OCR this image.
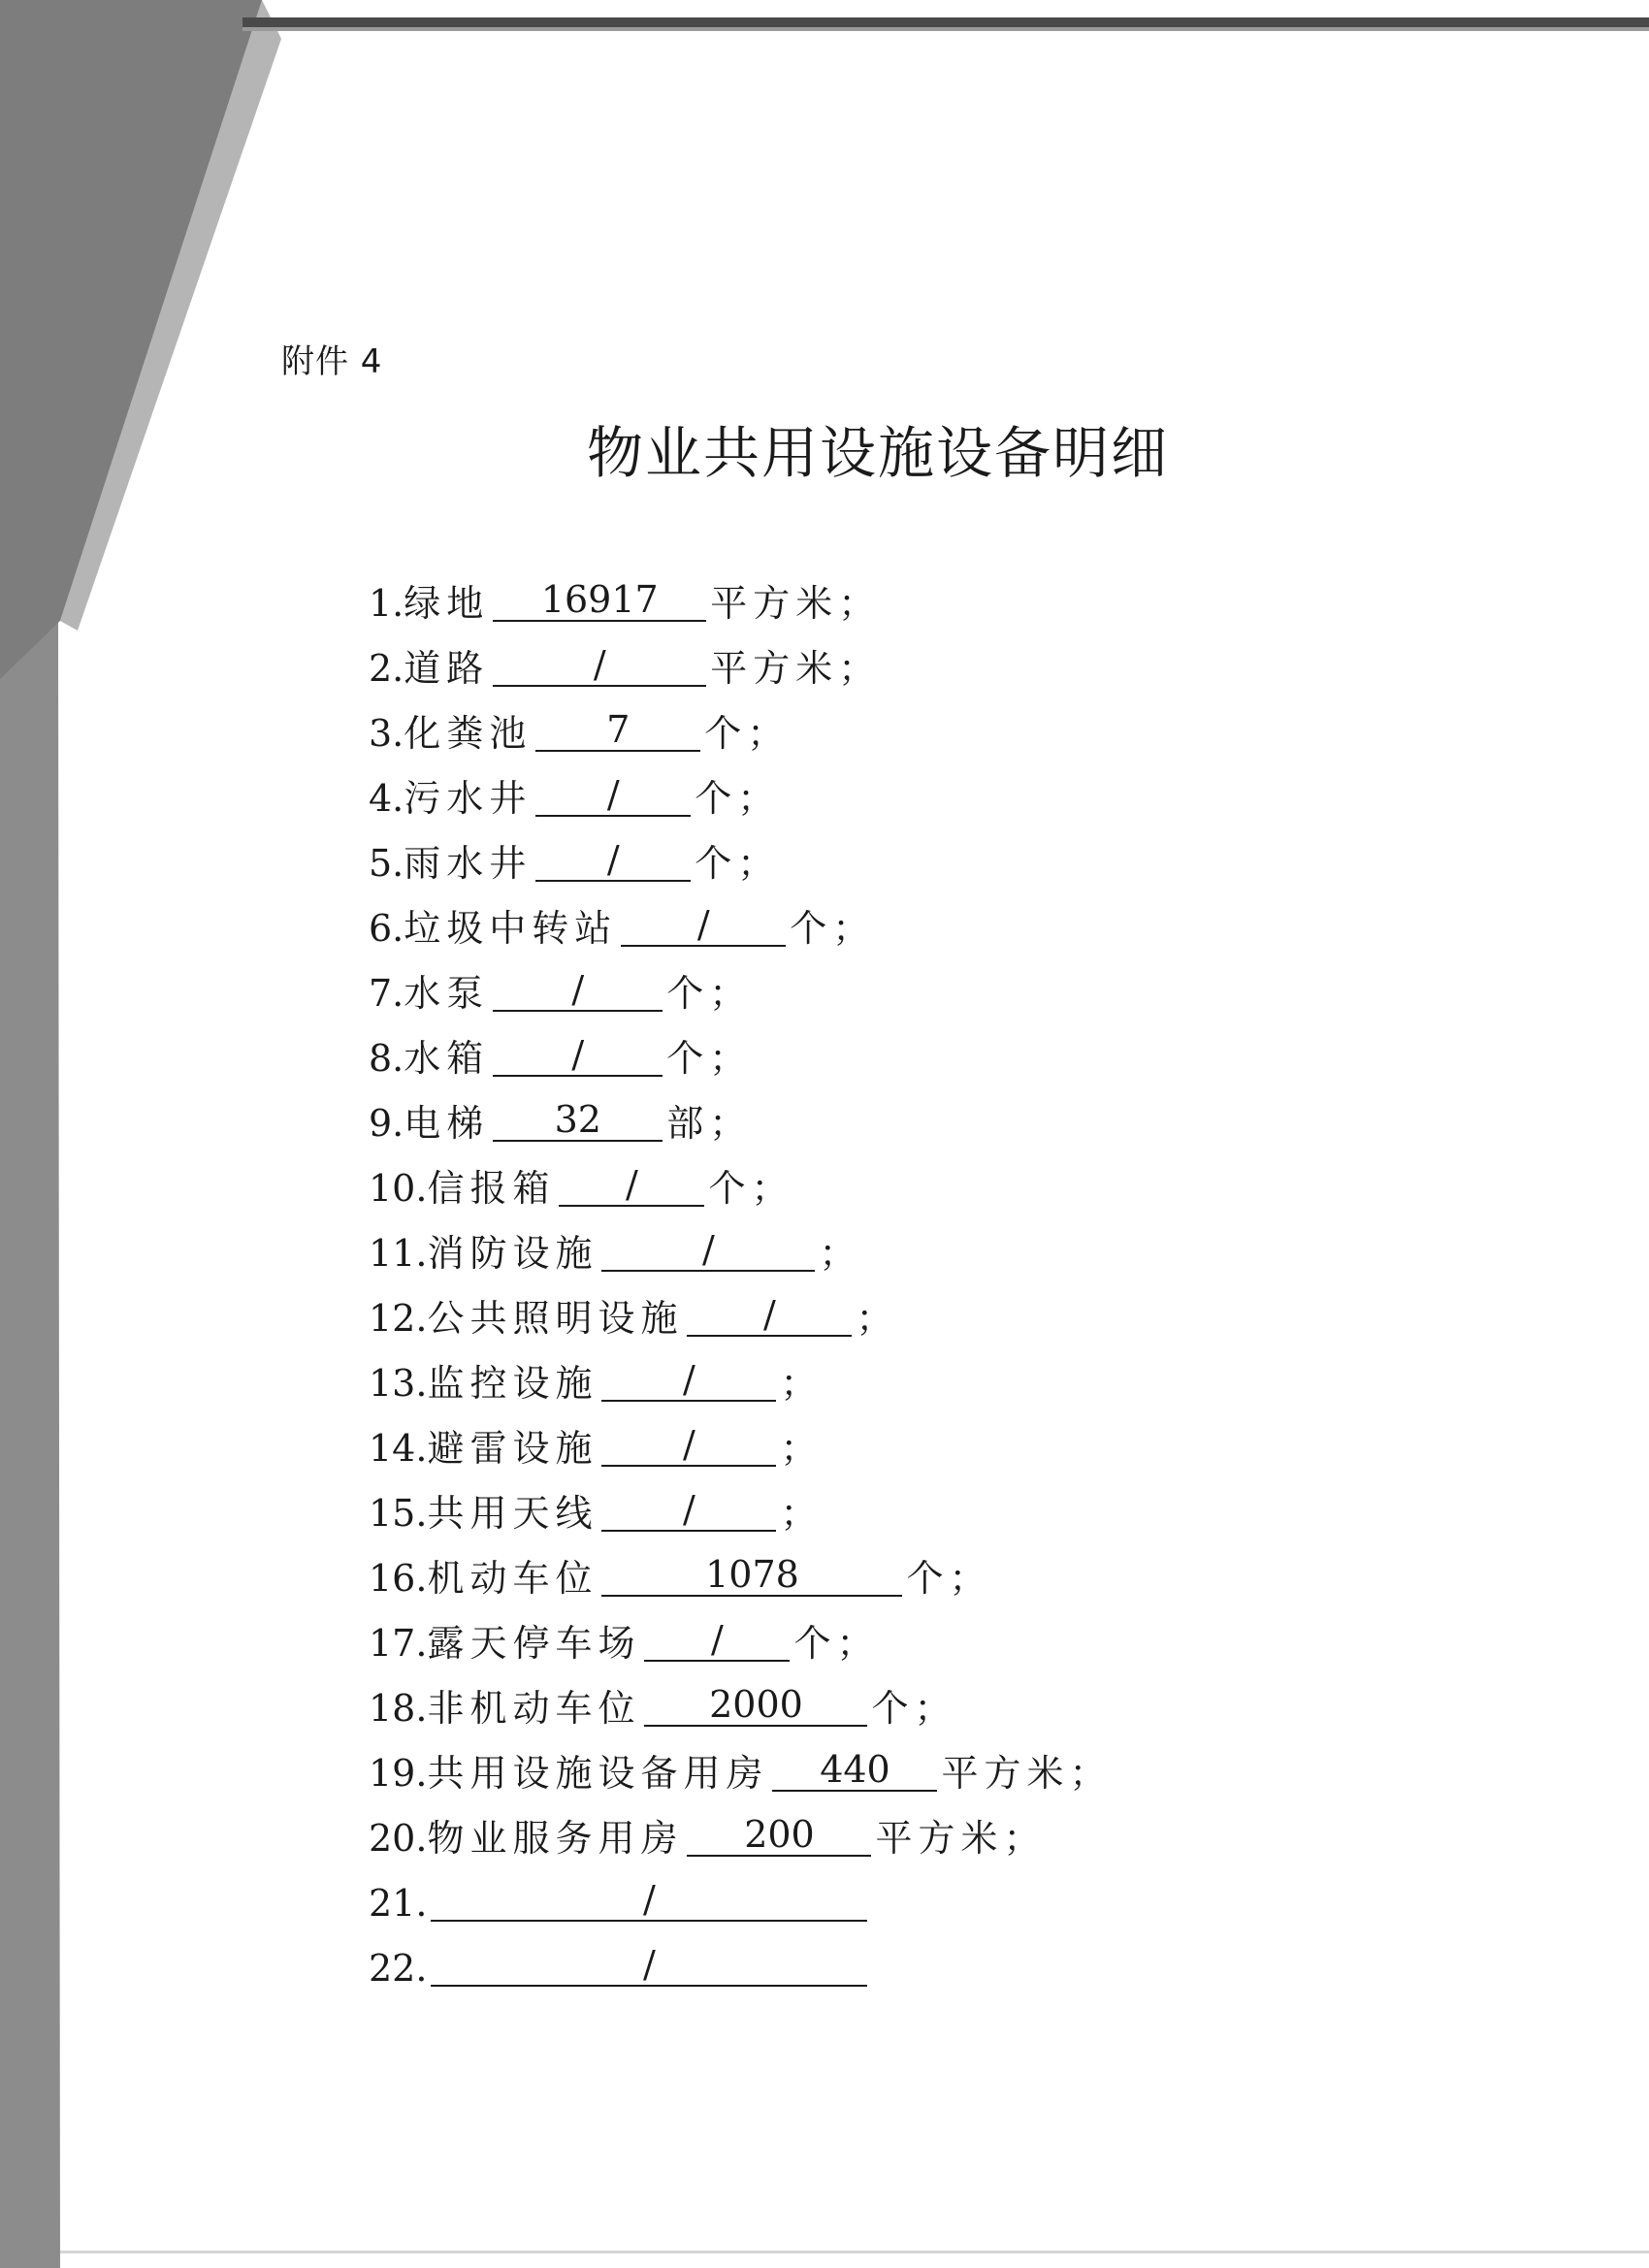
附件 4
物业共用设施设备明细
1. 绿地	16917	平方米；
2. 道路	/	平方米；
3. 化粪池	7	个；
4. 污水井	/	个；
5. 雨水井	/	个；
6. 垃圾中转站	/	个；
7. 水泵	/	个；
8. 水箱	/	个；
9. 电梯	32	部；
10. 信报箱	/	个；
11. 消防设施	/	；
12. 公共照明设施	/	；
13. 监控设施	/	；
14. 避雷设施	/	；
15. 共用天线	/	；
16. 机动车位	1078	个；
17. 露天停车场	/	个；
18. 非机动车位	2000	个；
19. 共用设施设备用房	440	平方米；
20. 物业服务用房	200	平方米；
21.	/
22.	/
